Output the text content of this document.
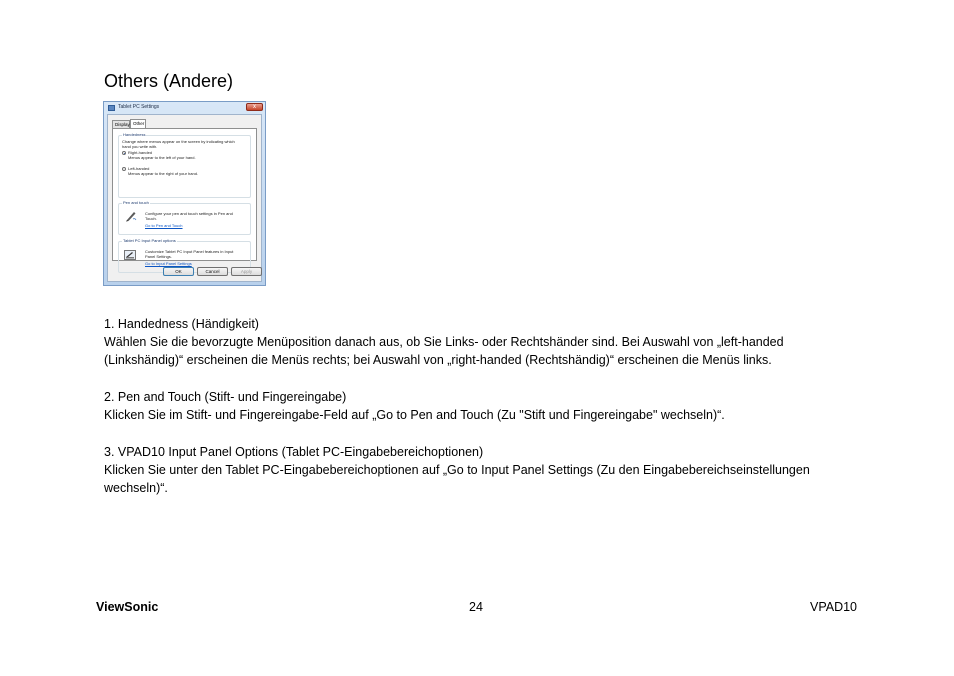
Others (Andere)
Tablet PC Settings	x
Display Other
Handedness
Change where menus appear on the screen by indicating which
hand you write with.
Right-handed
Menus appear to the left of your hand.
Left-handed
Menus appear to the right of your hand.
Pen and touch
Configure your pen and touch settings in Pen and
Touch.
Go to Pen and Touch
Tablet PC Input Panel options
Customize Tablet PC Input Panel features in Input
Panel Settings.
Go to Input Panel Settings
OK	Cancel	Apply
1. Handedness (Händigkeit)
Wählen Sie die bevorzugte Menüposition danach aus, ob Sie Links- oder Rechtshänder sind. Bei Auswahl von „left-handed
(Linkshändig)“ erscheinen die Menüs rechts; bei Auswahl von „right-handed (Rechtshändig)“ erscheinen die Menüs links.
2. Pen and Touch (Stift- und Fingereingabe)
Klicken Sie im Stift- und Fingereingabe-Feld auf „Go to Pen and Touch (Zu "Stift und Fingereingabe" wechseln)“.
3. VPAD10 Input Panel Options (Tablet PC-Eingabebereichoptionen)
Klicken Sie unter den Tablet PC-Eingabebereichoptionen auf „Go to Input Panel Settings (Zu den Eingabebereichseinstellungen
wechseln)“.
ViewSonic	24	VPAD10
